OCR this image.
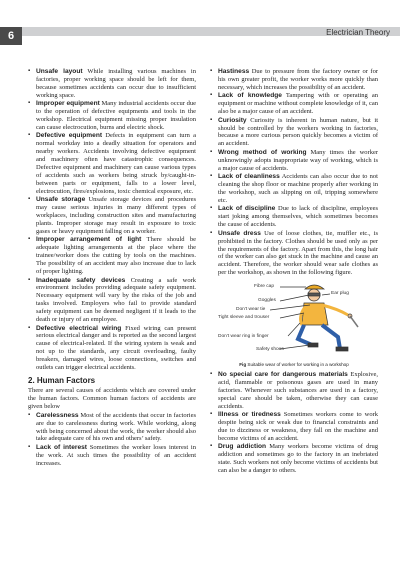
6	Electrician Theory
▪ Unsafe layout While installing various machines in factories, proper working space should be left for them, because sometimes accidents can occur due to insufficient working space.
▪ Improper equipment Many industrial accidents occur due to the operation of defective equipments and tools in the workshop. Electrical equipment missing proper insulation can cause electrocution, burns and electric shock.
▪ Defective equipment Defects in equipment can turn a normal workday into a deadly situation for operators and nearby workers. Accidents involving defective equipment and machinery often have catastrophic consequences. Defective equipment and machinery can cause various types of accidents such as workers being struck by/caught-in-between parts or equipment, falls to a lower level, electrocution, fires/explosions, toxic chemical exposure, etc.
▪ Unsafe storage Unsafe storage devices and procedures may cause serious injuries in many different types of workplaces, including construction sites and manufacturing plants. Improper storage may result in exposure to toxic gases or heavy equipment falling on a worker.
▪ Improper arrangement of light There should be adequate lighting arrangements at the place where the trainee/worker does the cutting by tools on the machines. The possibility of an accident may also increase due to lack of proper lighting.
▪ Inadequate safety devices Creating a safe work environment includes providing adequate safety equipment. Necessary equipment will vary by the risks of the job and tasks involved. Employers who fail to provide standard safety equipment can be deemed negligent if it leads to the death or injury of an employee.
▪ Defective electrical wiring Fixed wiring can present serious electrical danger and is reported as the second largest cause of electrical-related. If the wiring system is weak and not up to the standards, any circuit overloading, faulty breakers, damaged wires, loose connections, switches and outlets can trigger electrical accidents.
2. Human Factors
There are several causes of accidents which are covered under the human factors. Common human factors of accidents are given below
▪ Carelessness Most of the accidents that occur in factories are due to carelessness during work. While working, along with being concerned about the work, the worker should also take adequate care of his own and others’ safety.
▪ Lack of interest Sometimes the worker loses interest in the work. At such times the possibility of an accident increases.
▪ Hastiness Due to pressure from the factory owner or for his own greater profit, the worker works more quickly than necessary, which increases the possibility of an accident.
▪ Lack of knowledge Tampering with or operating an equipment or machine without complete knowledge of it, can also be a major cause of an accident.
▪ Curiosity Curiosity is inherent in human nature, but it should be controlled by the workers working in factories, because a more curious person quickly becomes a victim of an accident.
▪ Wrong method of working Many times the worker unknowingly adopts inappropriate way of working, which is a major cause of accidents.
▪ Lack of cleanliness Accidents can also occur due to not cleaning the shop floor or machine properly after working in the workshop, such as slipping on oil, tripping somewhere etc.
▪ Lack of discipline Due to lack of discipline, employees start joking among themselves, which sometimes becomes the cause of accidents.
▪ Unsafe dress Use of loose clothes, tie, muffler etc., is prohibited in the factory. Clothes should be used only as per the requirements of the factory. Apart from this, the long hair of the worker can also get stuck in the machine and cause an accident. Therefore, the worker should wear safe clothes as per the workshop, as shown in the following figure.
Fibre cap
Ear plug
Goggles
Don’t wear tie
Tight sleeve and trouser
Don’t wear ring in finger
Safety shoes
Fig Suitable wear of worker for working in a workshop
▪ No special care for dangerous materials Explosive, acid, flammable or poisonous gases are used in many factories. Whenever such substances are used in a factory, special care should be taken, otherwise they can cause accidents.
▪ Illness or tiredness Sometimes workers come to work despite being sick or weak due to financial constraints and due to dizziness or weakness, they fall on the machine and become victims of an accident.
▪ Drug addiction Many workers become victims of drug addiction and sometimes go to the factory in an inebriated state. Such workers not only become victims of accidents but can also be a danger to others.
